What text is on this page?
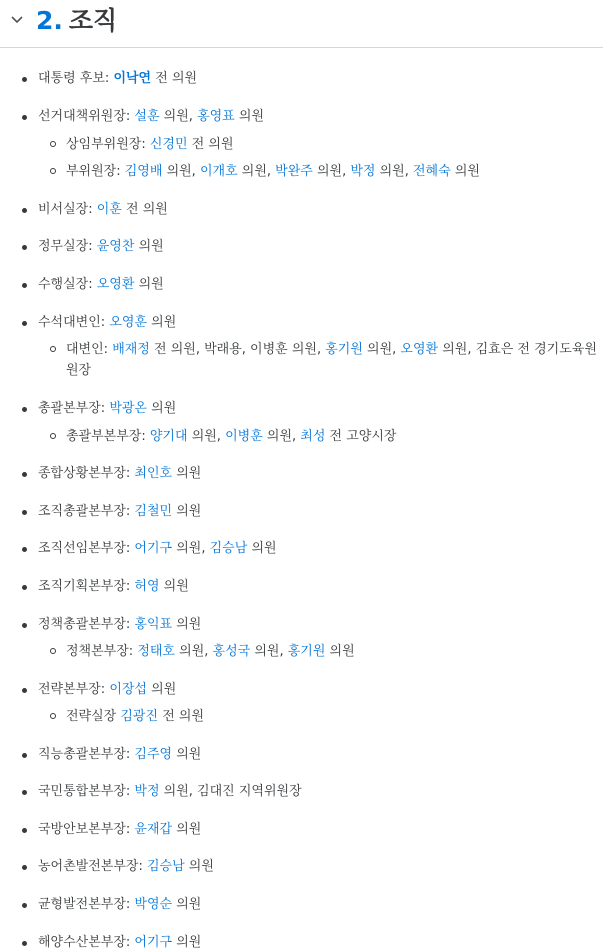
2. 조직
대통령 후보: 이낙연 전 의원
선거대책위원장: 설훈 의원, 홍영표 의원
상임부위원장: 신경민 전 의원
부위원장: 김영배 의원, 이개호 의원, 박완주 의원, 박정 의원, 전혜숙 의원
비서실장: 이훈 전 의원
정무실장: 윤영찬 의원
수행실장: 오영환 의원
수석대변인: 오영훈 의원
대변인: 배재정 전 의원, 박래용, 이병훈 의원, 홍기원 의원, 오영환 의원, 김효은 전 경기도육원 원장
총괄본부장: 박광온 의원
총괄부본부장: 양기대 의원, 이병훈 의원, 최성 전 고양시장
종합상황본부장: 최인호 의원
조직총괄본부장: 김철민 의원
조직선임본부장: 어기구 의원, 김승남 의원
조직기획본부장: 허영 의원
정책총괄본부장: 홍익표 의원
정책본부장: 정태호 의원, 홍성국 의원, 홍기원 의원
전략본부장: 이장섭 의원
전략실장 김광진 전 의원
직능총괄본부장: 김주영 의원
국민통합본부장: 박정 의원, 김대진 지역위원장
국방안보본부장: 윤재갑 의원
농어촌발전본부장: 김승남 의원
균형발전본부장: 박영순 의원
해양수산본부장: 어기구 의원
